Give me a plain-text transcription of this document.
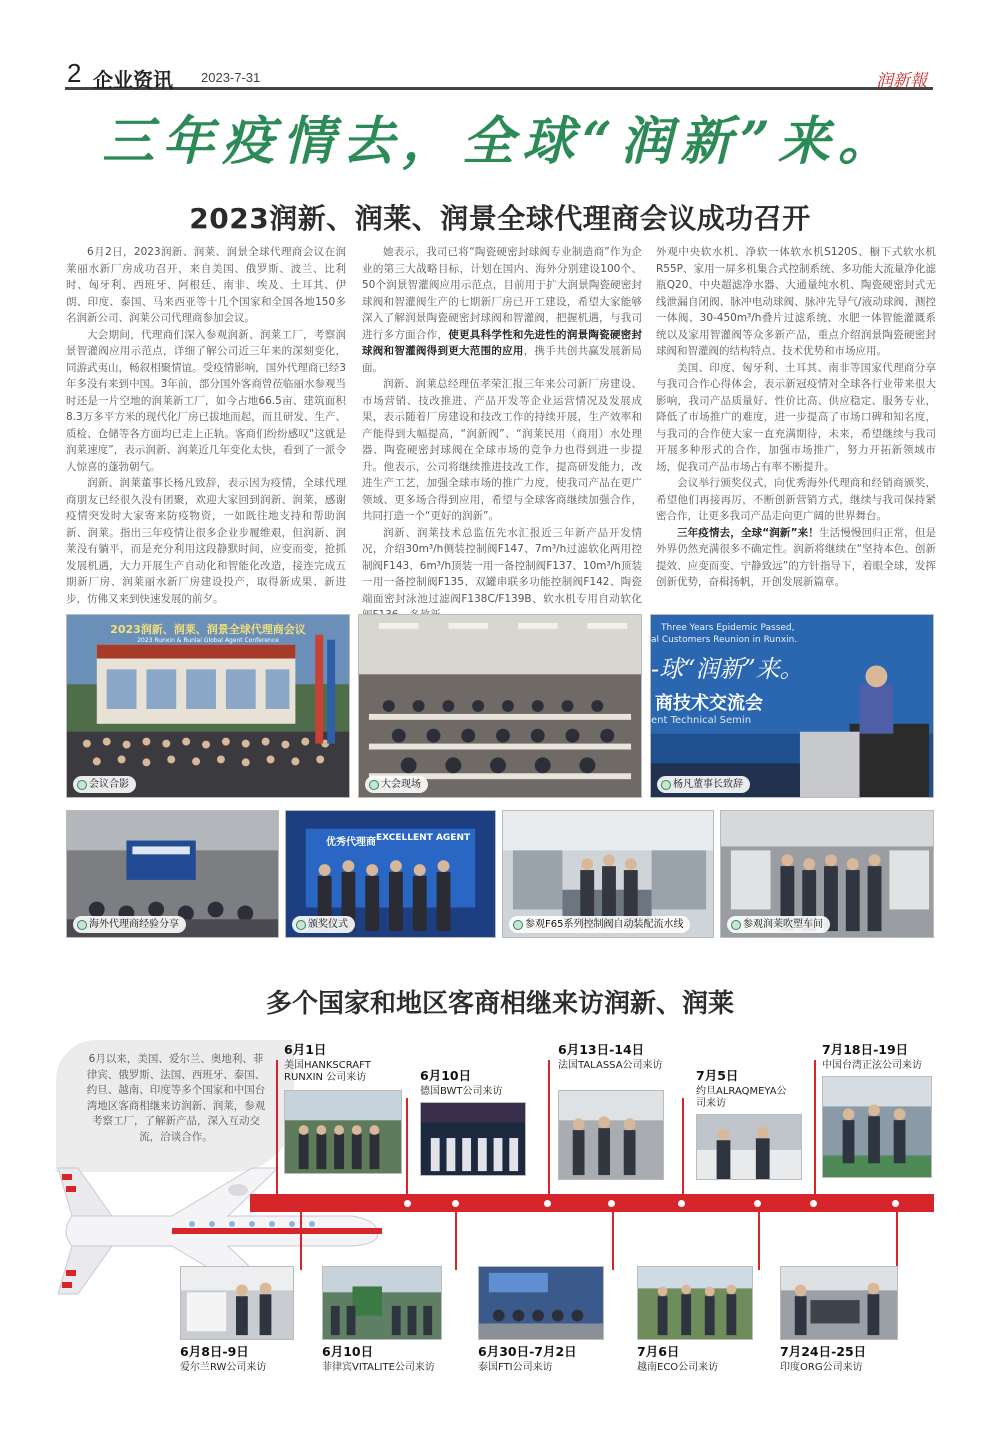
2 企业资讯 2023-7-31	润新報
三年疫情去，全球“润新”来。
2023润新、润莱、润景全球代理商会议成功召开

6月2日，2023润新、润莱、润景全球代理商会议在润莱丽水新厂房成功召开，来自美国、俄罗斯、波兰、比利时、匈牙利、西班牙、阿根廷、南非、埃及、土耳其、伊朗、印度、泰国、马来西亚等十几个国家和全国各地150多名润新公司、润莱公司代理商参加会议。

大会期间，代理商们深入参观润新、润莱工厂，考察润景智灌阀应用示范点，详细了解公司近三年来的深刻变化，同游武夷山，畅叙相聚情谊。受疫情影响，国外代理商已经3年多没有来到中国。3年前，部分国外客商曾莅临丽水参观当时还是一片空地的润莱新工厂，如今占地66.5亩、建筑面积8.3万多平方米的现代化厂房已拔地而起，而且研发、生产、质检、仓储等各方面均已走上正轨。客商们纷纷感叹“这就是润莱速度”，表示润新、润莱近几年变化太快，看到了一派令人惊喜的蓬勃朝气。

润新、润莱董事长杨凡致辞，表示因为疫情，全球代理商朋友已经很久没有团聚，欢迎大家回到润新、润莱，感谢疫情突发时大家寄来防疫物资，一如既往地支持和帮助润新、润莱。指出三年疫情让很多企业步履维艰，但润新、润莱没有躺平，而是充分利用这段静默时间，应变而变，抢抓发展机遇，大力开展生产自动化和智能化改造，接连完成五期新厂房、润莱丽水新厂房建设投产，取得新成果、新进步，仿佛又来到快速发展的前夕。

她表示，我司已将“陶瓷硬密封球阀专业制造商”作为企业的第三大战略目标，计划在国内、海外分别建设100个、50个润景智灌阀应用示范点，目前用于扩大润景陶瓷硬密封球阀和智灌阀生产的七期新厂房已开工建设，希望大家能够深入了解润景陶瓷硬密封球阀和智灌阀，把握机遇，与我司进行多方面合作，使更具科学性和先进性的润景陶瓷硬密封球阀和智灌阀得到更大范围的应用，携手共创共赢发展新局面。

润新、润莱总经理伍孝荣汇报三年来公司新厂房建设、市场营销、技改推进、产品开发等企业运营情况及发展成果，表示随着厂房建设和技改工作的持续开展，生产效率和产能得到大幅提高，“润新阀”、“润莱民用（商用）水处理器、陶瓷硬密封球阀在全球市场的竞争力也得到进一步提升。他表示，公司将继续推进技改工作，提高研发能力，改进生产工艺，加强全球市场的推广力度，使我司产品在更广领域、更多场合得到应用，希望与全球客商继续加强合作，共同打造一个“更好的润新”。

润新、润莱技术总监伍先水汇报近三年新产品开发情况，介绍30m³/h侧装控制阀F147、7m³/h过滤软化两用控制阀F143、6m³/h顶装一用一备控制阀F137、10m³/h顶装一用一备控制阀F135、双罐串联多功能控制阀F142、陶瓷端面密封泳池过滤阀F138C/F139B、软水机专用自动软化

外观中央软水机、净软一体软水机S120S、橱下式软水机R55P、家用一屏多机集合式控制系统、多功能大流量净化滤瓶Q20、中央超滤净水器、大通量纯水机、陶瓷硬密封式无线泄漏自闭阀、脉冲电动球阀、脉冲先导气/液动球阀、测控一体阀、30-450m³/h叠片过滤系统、水肥一体智能灌溉系统以及家用智灌阀等众多新产品，重点介绍润景陶瓷硬密封球阀和智灌阀的结构特点、技术优势和市场应用。

美国、印度、匈牙利、土耳其、南非等国家代理商分享与我司合作心得体会，表示新冠疫情对全球各行业带来很大影响，我司产品质量好、性价比高、供应稳定、服务专业，降低了市场推广的难度，进一步提高了市场口碑和知名度，与我司的合作使大家一直充满期待，未来，希望继续与我司开展多种形式的合作，加强市场推广，努力开拓新领域市场，促我司产品市场占有率不断提升。

会议举行颁奖仪式，向优秀海外代理商和经销商颁奖，希望他们再接再厉，不断创新营销方式，继续与我司保持紧密合作，让更多我司产品走向更广阔的世界舞台。

三年疫情去，全球“润新”来！生活慢慢回归正常，但是外界仍然充满很多不确定性。润新将继续在“坚持本色、创新提效、应变而变、宁静致远”的方针指导下，着眼全球，发挥创新优势，奋楫扬帆，开创发展新篇章。

2023润新、润莱、润景全球代理商会议
2023 Runxin & Runlai Global Agent Conference
会议合影	大会现场
Three Years Epidemic Passed,
al Customers Reunion in Runxin.
-球“润新”来。
商技术交流会
ent Technical Semin
杨凡董事长致辞
海外代理商经验分享
优秀代理商 EXCELLENT AGENT
颁奖仪式	参观F65系列控制阀自动装配流水线	参观润莱吹塑车间
多个国家和地区客商相继来访润新、润莱
6月以来，美国、爱尔兰、奥地利、菲律宾、俄罗斯、法国、西班牙、泰国、约旦、越南、印度等多个国家和中国台湾地区客商相继来访润新、润莱，参观考察工厂，了解新产品，深入互动交流，洽谈合作。
6月1日
美国HANKSCRAFT RUNXIN 公司来访	6月10日
德国BWT公司来访
6月13日-14日
法国TALASSA公司来访
7月5日
约旦ALRAQMEYA公司来访
7月18日-19日
中国台湾正泫公司来访
6月8日-9日
爱尔兰RW公司来访
6月10日
菲律宾VITALITE公司来访
6月30日-7月2日
泰国FTI公司来访
7月6日
越南ECO公司来访
7月24日-25日
印度ORG公司来访
